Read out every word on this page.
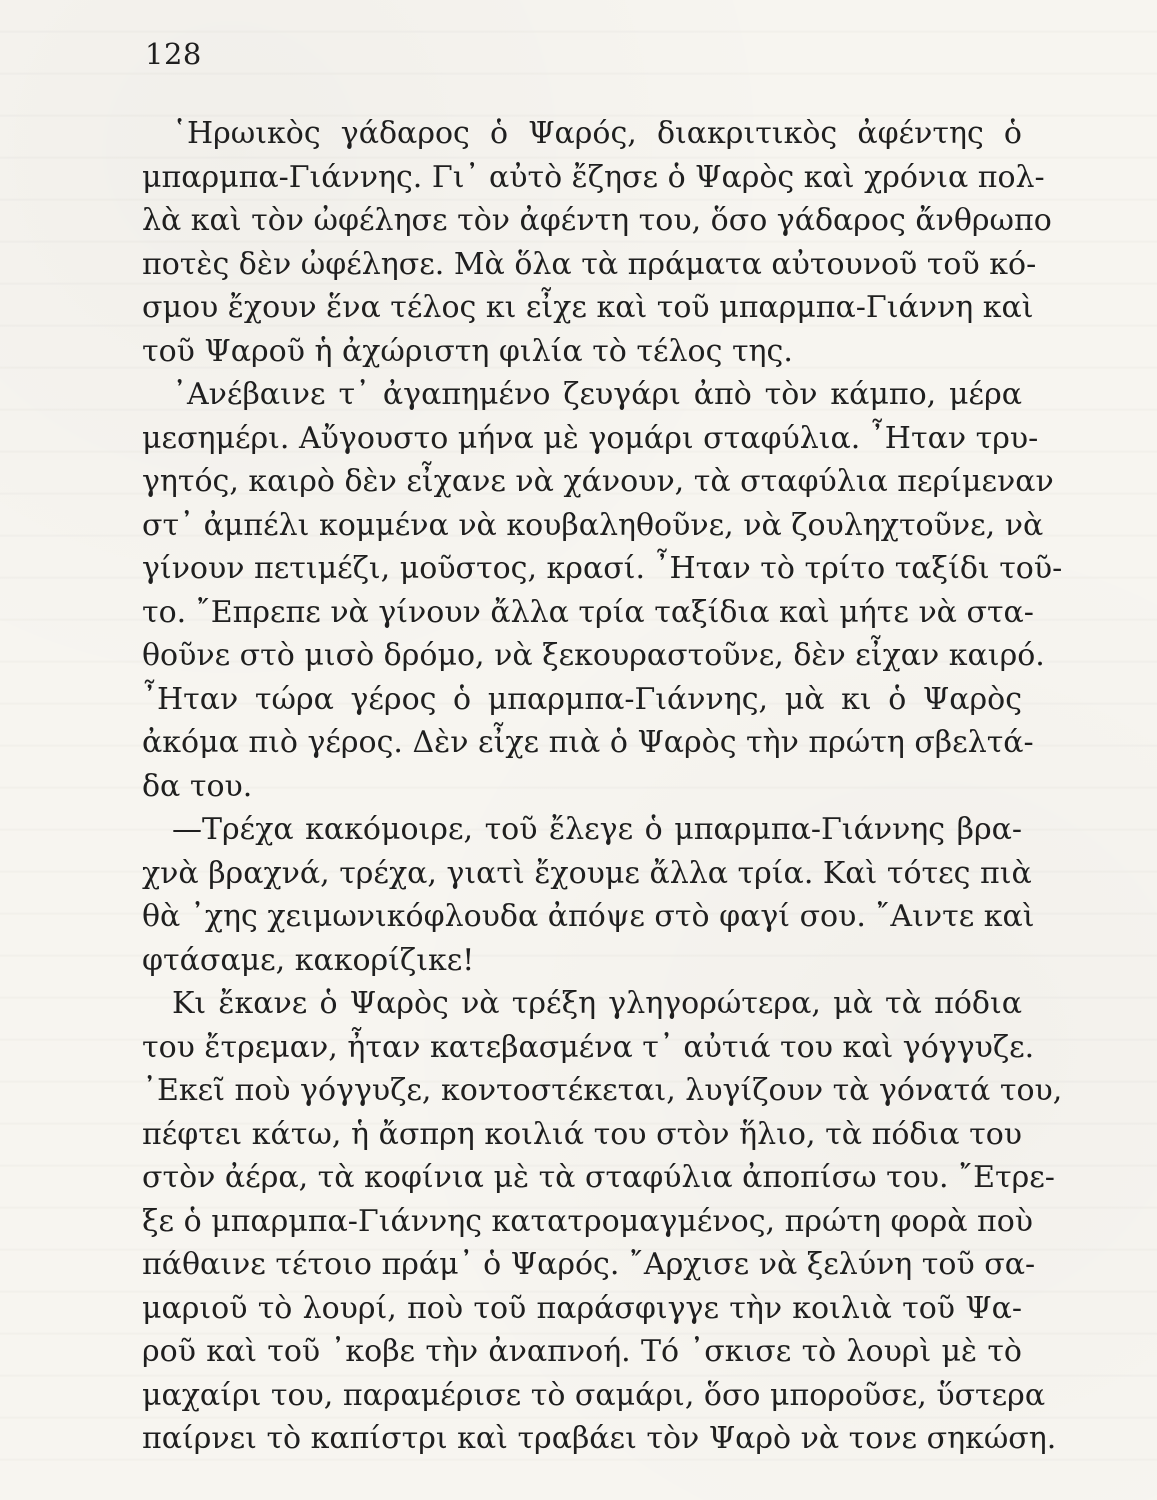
128
῾Ηρωικὸς γάδαρος ὁ Ψαρός, διακριτικὸς ἀφέντης ὁ
μπαρμπα-Γιάννης. Γι᾽ αὐτὸ ἔζησε ὁ Ψαρὸς καὶ χρόνια πολ-
λὰ καὶ τὸν ὠφέλησε τὸν ἀφέντη του, ὅσο γάδαρος ἄνθρωπο
ποτὲς δὲν ὠφέλησε. Μὰ ὅλα τὰ πράματα αὐτουνοῦ τοῦ κό-
σμου ἔχουν ἕνα τέλος κι εἶχε καὶ τοῦ μπαρμπα-Γιάννη καὶ
τοῦ Ψαροῦ ἡ ἀχώριστη φιλία τὸ τέλος της.
᾽Ανέβαινε τ᾽ ἀγαπημένο ζευγάρι ἀπὸ τὸν κάμπο, μέρα
μεσημέρι. Αὔγουστο μήνα μὲ γομάρι σταφύλια. ῏Ηταν τρυ-
γητός, καιρὸ δὲν εἶχανε νὰ χάνουν, τὰ σταφύλια περίμεναν
στ᾽ ἀμπέλι κομμένα νὰ κουβαληθοῦνε, νὰ ζουληχτοῦνε, νὰ
γίνουν πετιμέζι, μοῦστος, κρασί. ῏Ηταν τὸ τρίτο ταξίδι τοῦ-
το. ῎Επρεπε νὰ γίνουν ἄλλα τρία ταξίδια καὶ μήτε νὰ στα-
θοῦνε στὸ μισὸ δρόμο, νὰ ξεκουραστοῦνε, δὲν εἶχαν καιρό.
῏Ηταν τώρα γέρος ὁ μπαρμπα-Γιάννης, μὰ κι ὁ Ψαρὸς
ἀκόμα πιὸ γέρος. Δὲν εἶχε πιὰ ὁ Ψαρὸς τὴν πρώτη σβελτά-
δα του.
—Τρέχα κακόμοιρε, τοῦ ἔλεγε ὁ μπαρμπα-Γιάννης βρα-
χνὰ βραχνά, τρέχα, γιατὶ ἔχουμε ἄλλα τρία. Καὶ τότες πιὰ
θὰ ᾽χης χειμωνικόφλουδα ἀπόψε στὸ φαγί σου. ῎Αιντε καὶ
φτάσαμε, κακορίζικε!
Κι ἔκανε ὁ Ψαρὸς νὰ τρέξη γληγορώτερα, μὰ τὰ πόδια
του ἔτρεμαν, ἦταν κατεβασμένα τ᾽ αὐτιά του καὶ γόγγυζε.
᾽Εκεῖ ποὺ γόγγυζε, κοντοστέκεται, λυγίζουν τὰ γόνατά του,
πέφτει κάτω, ἡ ἄσπρη κοιλιά του στὸν ἥλιο, τὰ πόδια του
στὸν ἀέρα, τὰ κοφίνια μὲ τὰ σταφύλια ἀποπίσω του. ῎Ετρε-
ξε ὁ μπαρμπα-Γιάννης κατατρομαγμένος, πρώτη φορὰ ποὺ
πάθαινε τέτοιο πράμ᾽ ὁ Ψαρός. ῎Αρχισε νὰ ξελύνη τοῦ σα-
μαριοῦ τὸ λουρί, ποὺ τοῦ παράσφιγγε τὴν κοιλιὰ τοῦ Ψα-
ροῦ καὶ τοῦ ᾽κοβε τὴν ἀναπνοή. Τό ᾽σκισε τὸ λουρὶ μὲ τὸ
μαχαίρι του, παραμέρισε τὸ σαμάρι, ὅσο μποροῦσε, ὕστερα
παίρνει τὸ καπίστρι καὶ τραβάει τὸν Ψαρὸ νὰ τονε σηκώση.
